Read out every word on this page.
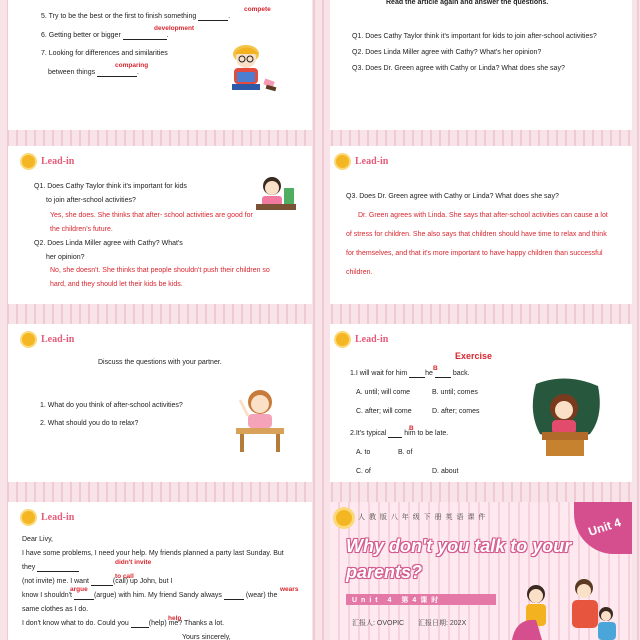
5. Try to be the best or the first to finish something	.
compete
6. Getting better or bigger	.
development
7. Looking for differences and similarities
between things	.
comparing
Read the article again and answer the questions.
Q1. Does Cathy Taylor think it's important for kids to join after-school activities?
Q2. Does Linda Miller agree with Cathy? What's her opinion?
Q3. Does Dr. Green agree with Cathy or Linda? What does she say?
Lead-in
Q1. Does Cathy Taylor think it's important for kids
to join after-school activities?
Yes, she does. She thinks that after- school activities are good for
the children's future.
Q2. Does Linda Miller agree with Cathy? What's
her opinion?
No, she doesn't. She thinks that people shouldn't push their children so
hard, and they should let their kids be kids.
Lead-in
Q3. Does Dr. Green agree with Cathy or Linda? What does she say?
Dr. Green agrees with Linda. She says that after-school activities can cause a lot
of stress for children. She also says that children should have time to relax and think
for themselves, and that it's more important to have happy children than successful
children.
Lead-in
Discuss the questions with your partner.
1. What do you think of after-school activities?
2. What should you do to relax?
Lead-in
Exercise
1.I will wait for him	he	back.
B
A. until; will come	B. until; comes
C. after; will come	D. after; comes
2.It's typical	him to be late.
B
A. to	B. of
C. of	D. about
Lead-in
Dear Livy,
I have some problems, I need your help. My friends planned a party last Sunday. But
they
didn't invite
(not invite) me. I want	(call) up John, but I
to call
know I shouldn't	(argue) with him. My friend Sandy always	(wear) the
argue	wears
same clothes as I do.
I don't know what to do. Could you	(help) me? Thanks a lot.
help
Yours sincerely,
人 教 版 八 年 级 下 册 英 语 课 件	Unit 4
Why don't you talk to your
parents?
Unit 4 第4课时
汇报人: OVOPIC 汇报日期: 202X
